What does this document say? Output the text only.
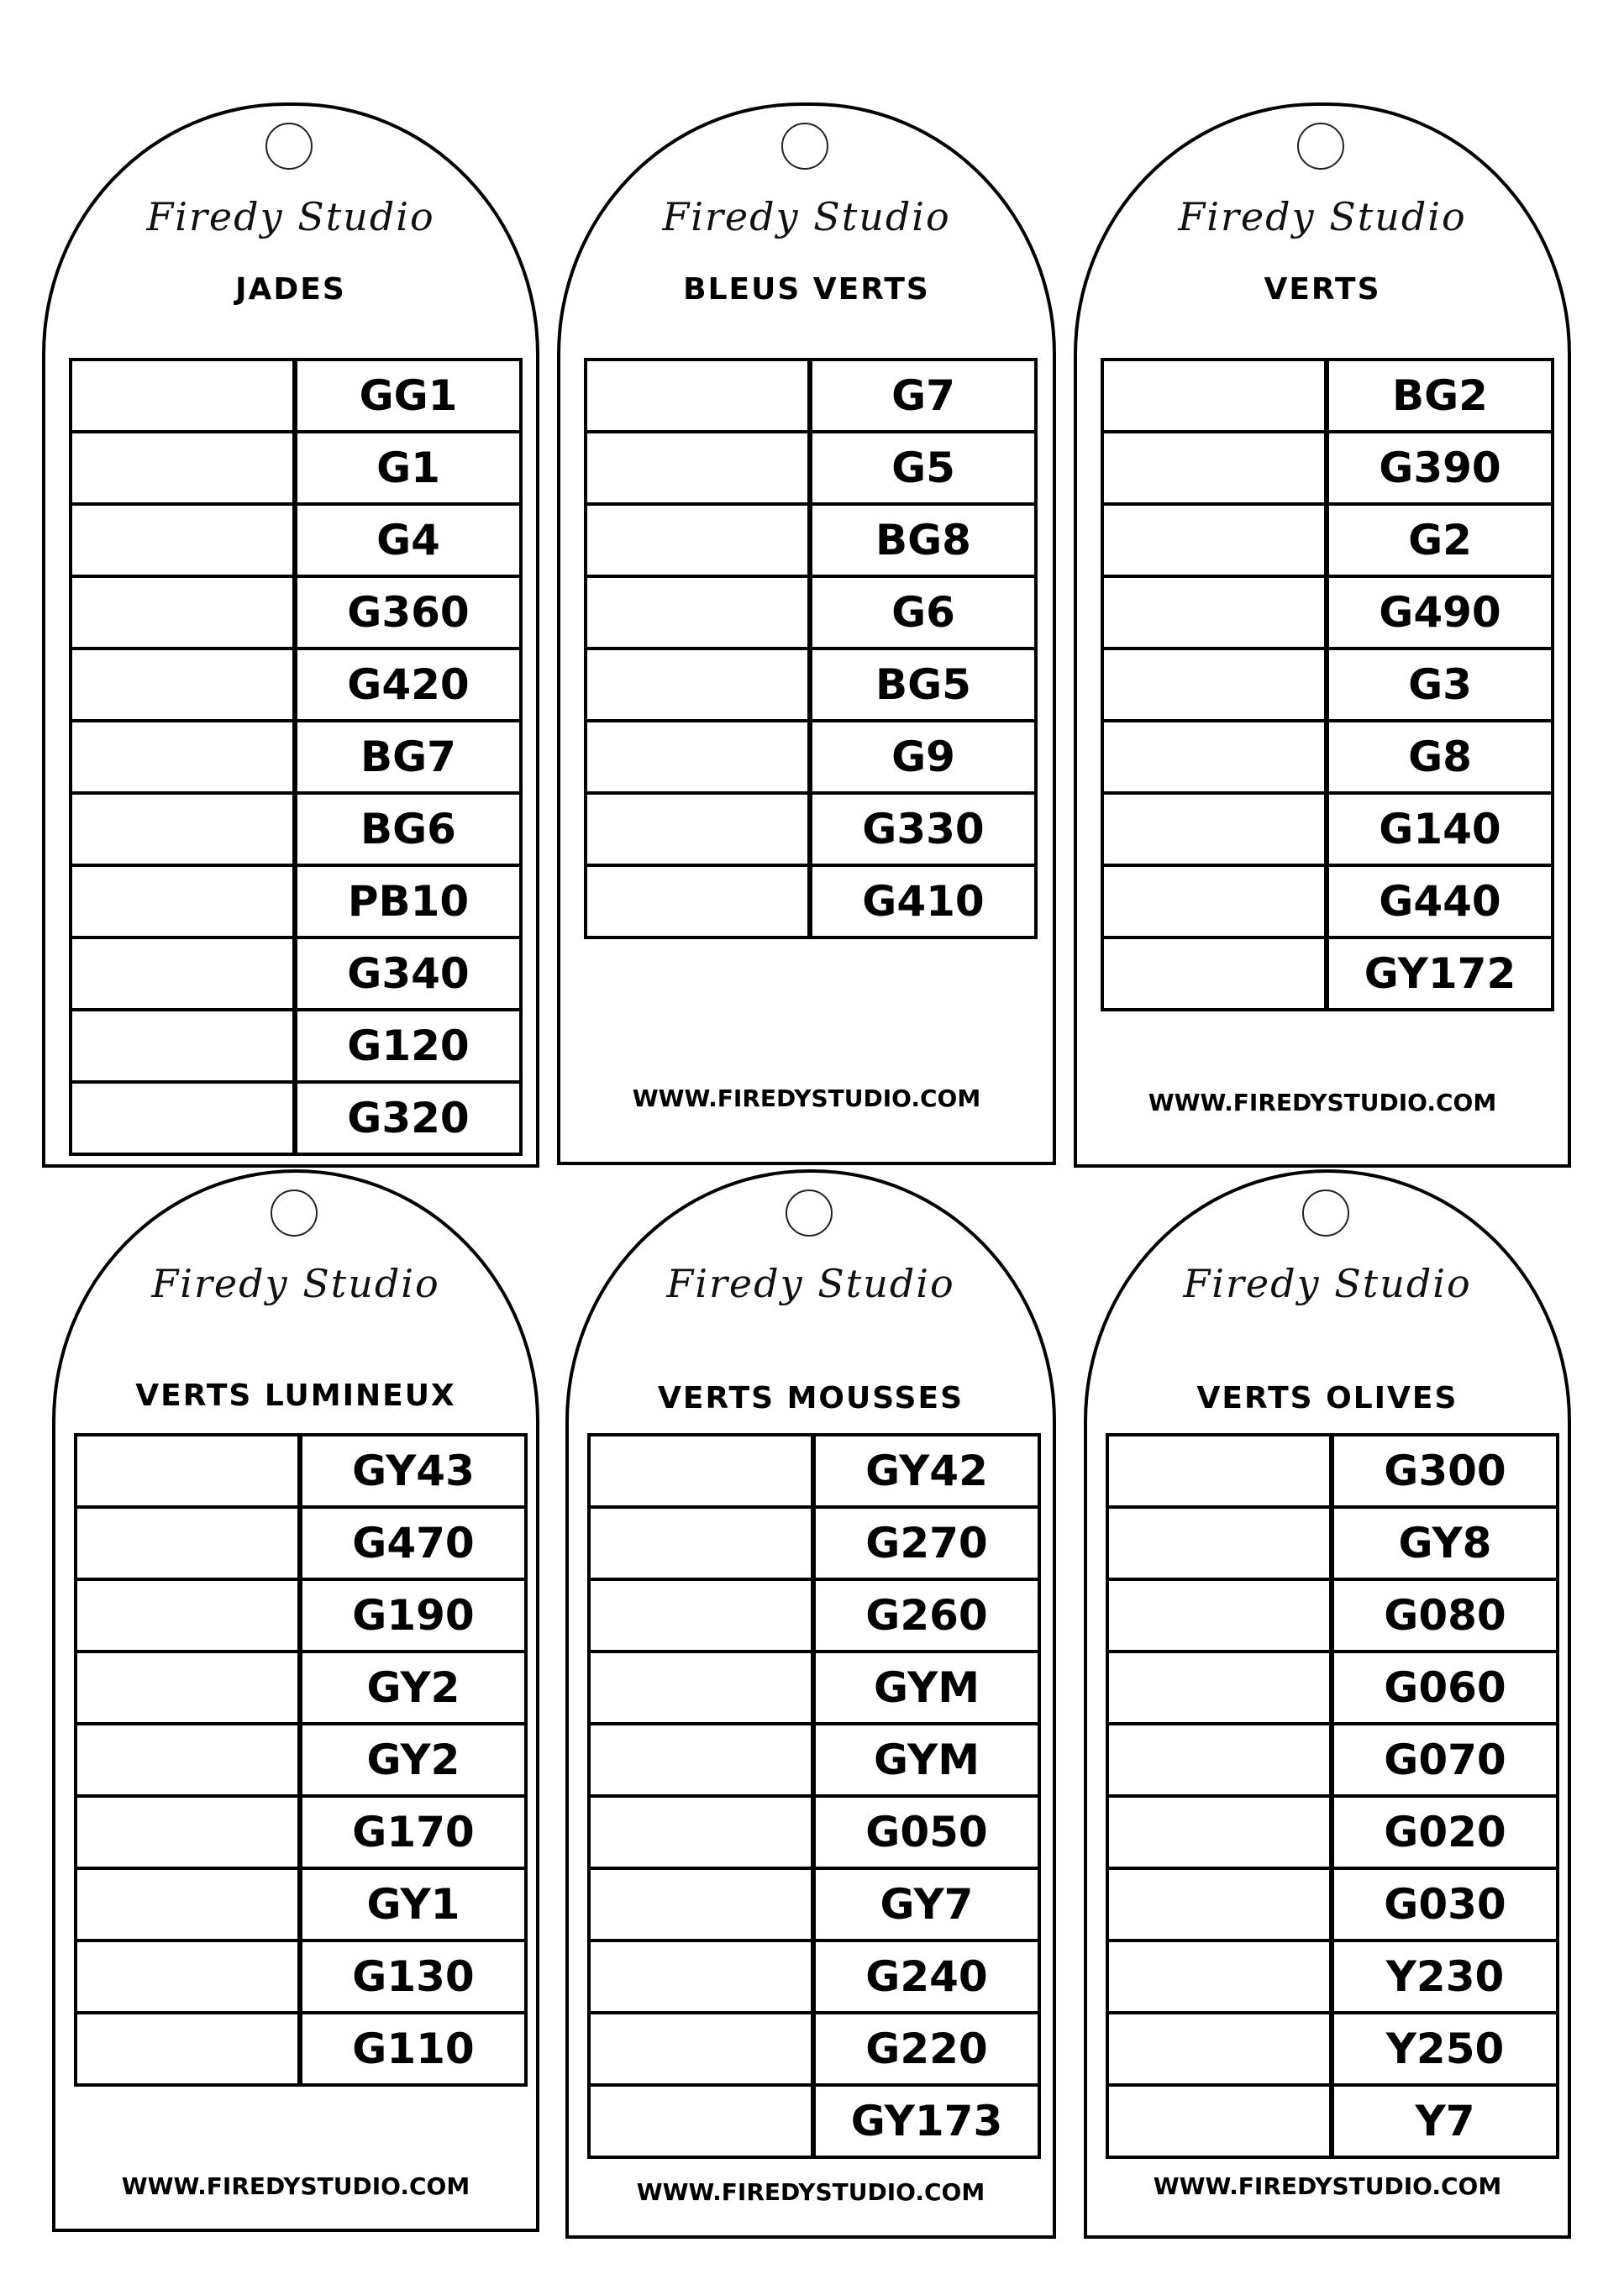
Firedy Studio
JADES
GG1
G1
G4
G360
G420
BG7
BG6
PB10
G340
G120
G320
Firedy Studio
BLEUS VERTS
G7
G5
BG8
G6
BG5
G9
G330
G410
WWW.FIREDYSTUDIO.COM
Firedy Studio
VERTS
BG2
G390
G2
G490
G3
G8
G140
G440
GY172
WWW.FIREDYSTUDIO.COM
Firedy Studio
VERTS LUMINEUX
GY43
G470
G190
GY2
GY2
G170
GY1
G130
G110
WWW.FIREDYSTUDIO.COM
Firedy Studio
VERTS MOUSSES
GY42
G270
G260
GYM
GYM
G050
GY7
G240
G220
GY173
WWW.FIREDYSTUDIO.COM
Firedy Studio
VERTS OLIVES
G300
GY8
G080
G060
G070
G020
G030
Y230
Y250
Y7
WWW.FIREDYSTUDIO.COM
